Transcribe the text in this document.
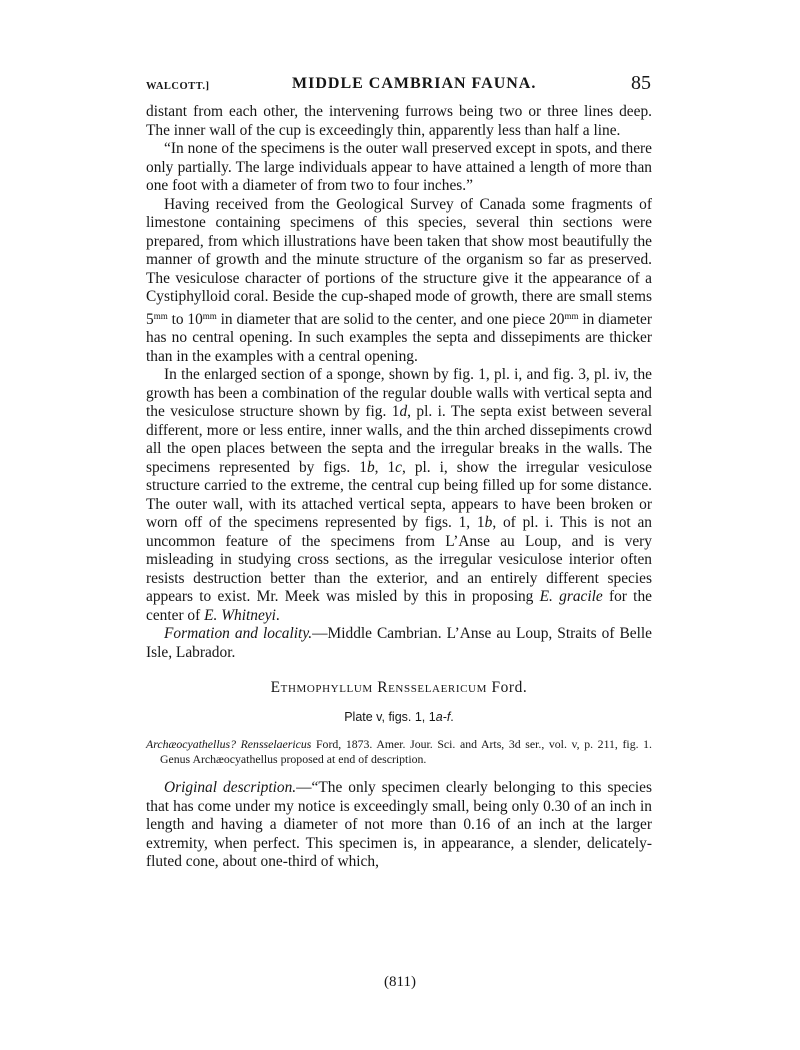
WALCOTT.]	MIDDLE CAMBRIAN FAUNA.	85

distant from each other, the intervening furrows being two or three lines deep. The inner wall of the cup is exceedingly thin, apparently less than half a line.

“In none of the specimens is the outer wall preserved except in spots, and there only partially. The large individuals appear to have attained a length of more than one foot with a diameter of from two to four inches.”

Having received from the Geological Survey of Canada some fragments of limestone containing specimens of this species, several thin sections were prepared, from which illustrations have been taken that show most beautifully the manner of growth and the minute structure of the organism so far as preserved. The vesiculose character of portions of the structure give it the appearance of a Cystiphylloid coral. Beside the cup-shaped mode of growth, there are small stems $5^{mm}$ to $10^{mm}$ in diameter that are solid to the center, and one piece $20^{mm}$ in diameter has no central opening. In such examples the septa and dissepiments are thicker than in the examples with a central opening.

In the enlarged section of a sponge, shown by fig. 1, pl. i, and fig. 3, pl. iv, the growth has been a combination of the regular double walls with vertical septa and the vesiculose structure shown by fig. 1d, pl. i. The septa exist between several different, more or less entire, inner walls, and the thin arched dissepiments crowd all the open places between the septa and the irregular breaks in the walls. The specimens represented by figs. 1b, 1c, pl. i, show the irregular vesiculose structure carried to the extreme, the central cup being filled up for some distance. The outer wall, with its attached vertical septa, appears to have been broken or worn off of the specimens represented by figs. 1, 1b, of pl. i. This is not an uncommon feature of the specimens from L’Anse au Loup, and is very misleading in studying cross sections, as the irregular vesiculose interior often resists destruction better than the exterior, and an entirely different species appears to exist. Mr. Meek was misled by this in proposing E. gracile for the center of E. Whitneyi.

Formation and locality.—Middle Cambrian. L’Anse au Loup, Straits of Belle Isle, Labrador.

Ethmophyllum Rensselaericum Ford.
Plate v, figs. 1, 1a-f.

Archæocyathellus? Rensselaericus Ford, 1873. Amer. Jour. Sci. and Arts, 3d ser., vol. v, p. 211, fig. 1. Genus Archæocyathellus proposed at end of description.

Original description.—“The only specimen clearly belonging to this species that has come under my notice is exceedingly small, being only 0.30 of an inch in length and having a diameter of not more than 0.16 of an inch at the larger extremity, when perfect. This specimen is, in appearance, a slender, delicately-fluted cone, about one-third of which,

(811)
